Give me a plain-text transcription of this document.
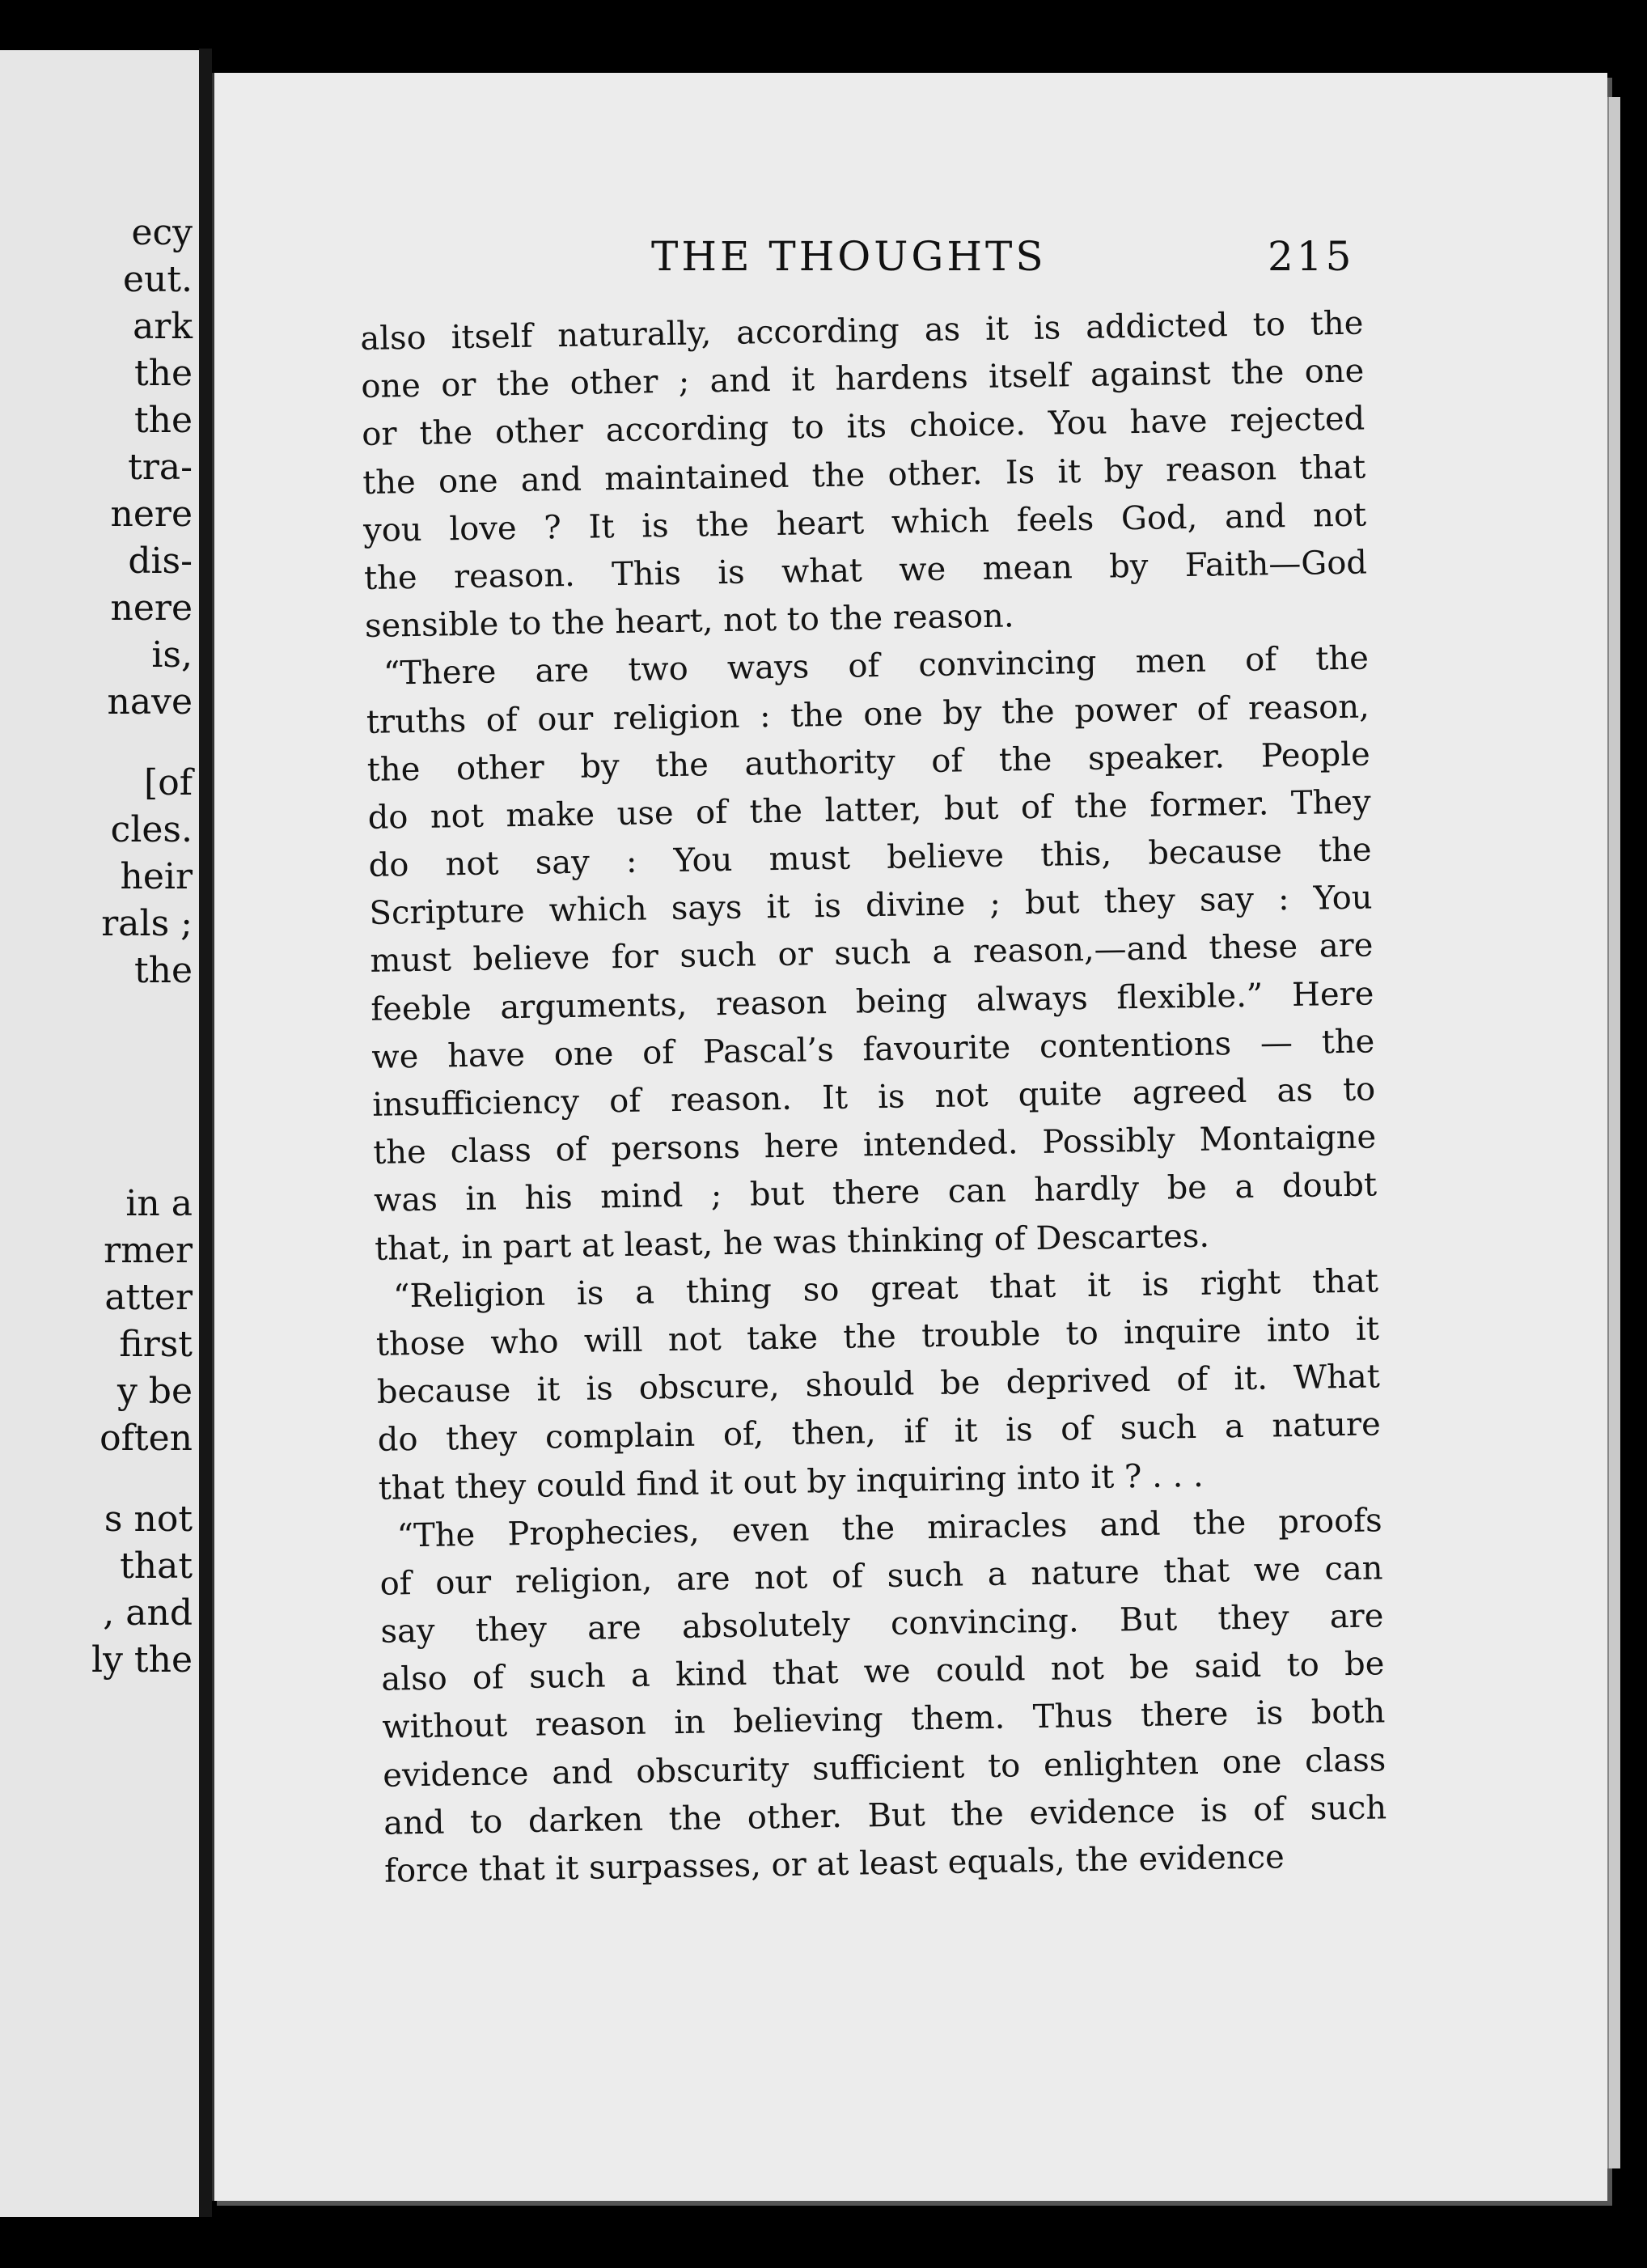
ecy
eut.
ark
the
the
tra-
nere
dis-
nere
is,
nave
[of
cles.
heir
rals ;
the
in a
rmer
atter
first
y be
often
s not
that
, and
ly the
THE THOUGHTS	215
also itself naturally, according as it is addicted to the
one or the other ; and it hardens itself against the one
or the other according to its choice. You have rejected
the one and maintained the other. Is it by reason that
you love ? It is the heart which feels God, and not
the reason. This is what we mean by Faith—God
sensible to the heart, not to the reason.
“There are two ways of convincing men of the
truths of our religion : the one by the power of reason,
the other by the authority of the speaker. People
do not make use of the latter, but of the former. They
do not say : You must believe this, because the
Scripture which says it is divine ; but they say : You
must believe for such or such a reason,—and these are
feeble arguments, reason being always flexible.” Here
we have one of Pascal’s favourite contentions — the
insufficiency of reason. It is not quite agreed as to
the class of persons here intended. Possibly Montaigne
was in his mind ; but there can hardly be a doubt
that, in part at least, he was thinking of Descartes.
“Religion is a thing so great that it is right that
those who will not take the trouble to inquire into it
because it is obscure, should be deprived of it. What
do they complain of, then, if it is of such a nature
that they could find it out by inquiring into it ? . . .
“The Prophecies, even the miracles and the proofs
of our religion, are not of such a nature that we can
say they are absolutely convincing. But they are
also of such a kind that we could not be said to be
without reason in believing them. Thus there is both
evidence and obscurity sufficient to enlighten one class
and to darken the other. But the evidence is of such
force that it surpasses, or at least equals, the evidence
